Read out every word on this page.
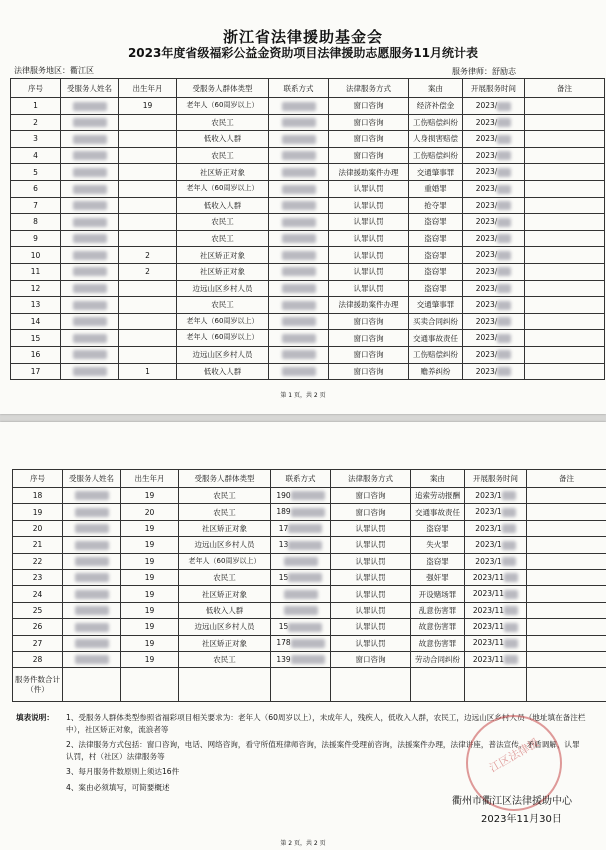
浙江省法律援助基金会
2023年度省级福彩公益金资助项目法律援助志愿服务11月统计表
法律服务地区：衢江区	服务律师：舒励志
序号	受服务人姓名	出生年月	受服务人群体类型	联系方式	法律服务方式	案由	开展服务时间	备注
1		19	老年人（60周岁以上）		窗口咨询	经济补偿金	2023/	
2			农民工		窗口咨询	工伤赔偿纠纷	2023/	
3			低收入人群		窗口咨询	人身损害赔偿	2023/	
4			农民工		窗口咨询	工伤赔偿纠纷	2023/	
5			社区矫正对象		法律援助案件办理	交通肇事罪	2023/	
6			老年人（60周岁以上）		认罪认罚	重婚罪	2023/	
7			低收入人群		认罪认罚	抢夺罪	2023/	
8			农民工		认罪认罚	盗窃罪	2023/	
9			农民工		认罪认罚	盗窃罪	2023/	
10		2	社区矫正对象		认罪认罚	盗窃罪	2023/	
11		2	社区矫正对象		认罪认罚	盗窃罪	2023/	
12			边远山区乡村人员		认罪认罚	盗窃罪	2023/	
13			农民工		法律援助案件办理	交通肇事罪	2023/	
14			老年人（60周岁以上）		窗口咨询	买卖合同纠纷	2023/	
15			老年人（60周岁以上）		窗口咨询	交通事故责任	2023/	
16			边远山区乡村人员		窗口咨询	工伤赔偿纠纷	2023/	
17		1	低收入人群		窗口咨询	赡养纠纷	2023/	
第 1 页，共 2 页
序号	受服务人姓名	出生年月	受服务人群体类型	联系方式	法律服务方式	案由	开展服务时间	备注
18		19	农民工	190	窗口咨询	追索劳动报酬	2023/1	
19		20	农民工	189	窗口咨询	交通事故责任	2023/1	
20		19	社区矫正对象	17	认罪认罚	盗窃罪	2023/1	
21		19	边远山区乡村人员	13	认罪认罚	失火罪	2023/1	
22		19	老年人（60周岁以上）		认罪认罚	盗窃罪	2023/1	
23		19	农民工	15	认罪认罚	强奸罪	2023/11	
24		19	社区矫正对象		认罪认罚	开设赌场罪	2023/11	
25		19	低收入人群		认罪认罚	乱意伤害罪	2023/11	
26		19	边远山区乡村人员	15	认罪认罚	故意伤害罪	2023/11	
27		19	社区矫正对象	178	认罪认罚	故意伤害罪	2023/11	
28		19	农民工	139	窗口咨询	劳动合同纠纷	2023/11	
服务件数合计（件）								
填表说明： 1、受服务人群体类型参照省福彩项目相关要求为：老年人（60周岁以上），未成年人，残疾人，低收入人群，农民工，边远山区乡村人员（地址填在备注栏中），社区矫正对象，流浪者等
2、法律服务方式包括：窗口咨询，电话、网络咨询，看守所值班律师咨询，法援案件受理前咨询，法援案件办理，法律讲座，普法宣传，矛盾调解，认罪认罚，村（社区）法律服务等
3、每月服务件数原则上须达16件
4、案由必须填写，可简要概述
江区法律援
衢州市衢江区法律援助中心
2023年11月30日
第 2 页，共 2 页
